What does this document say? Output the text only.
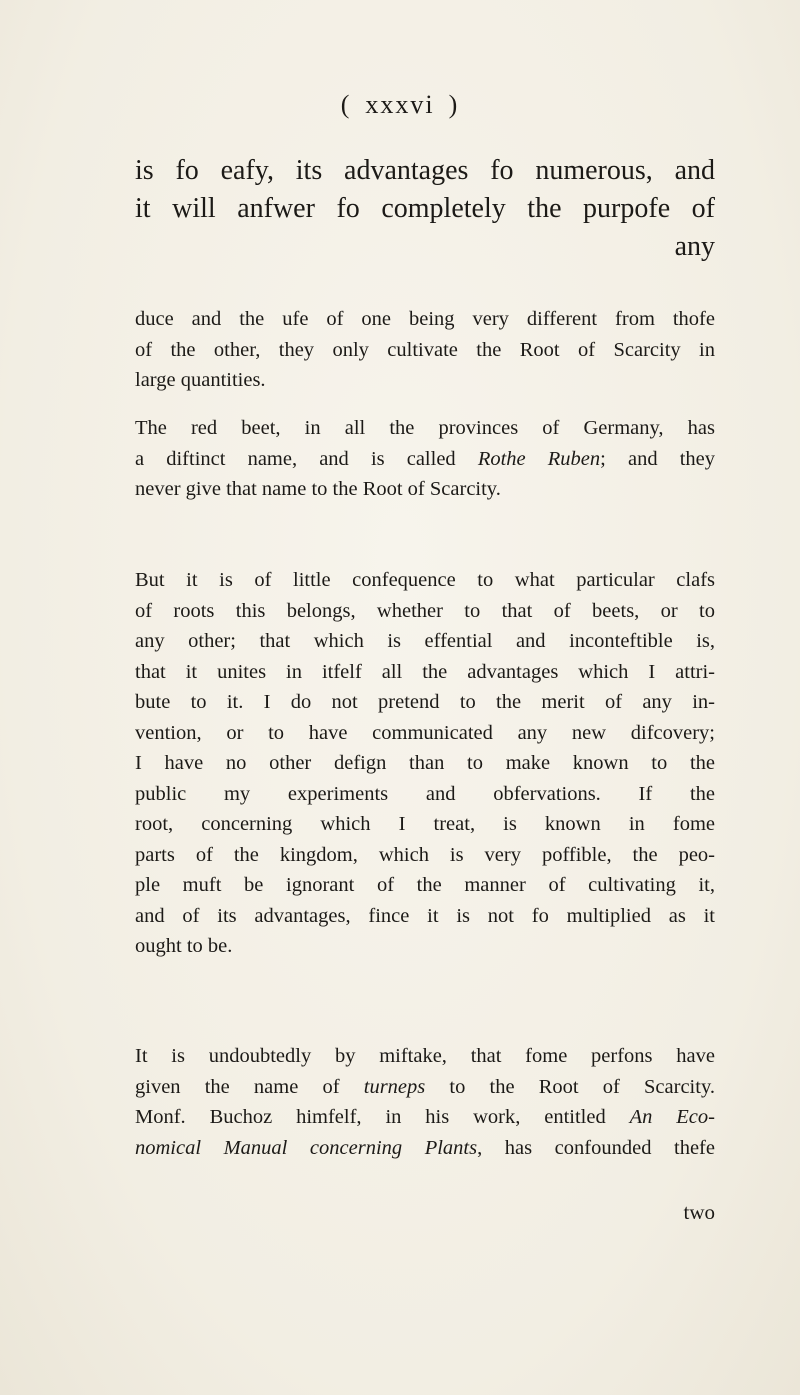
( xxxvi )
is fo eafy, its advantages fo numerous, and
it will anfwer fo completely the purpofe of
any
duce and the ufe of one being very different from thofe
of the other, they only cultivate the Root of Scarcity in
large quantities.
The red beet, in all the provinces of Germany, has
a diftinct name, and is called Rothe Ruben; and they
never give that name to the Root of Scarcity.
But it is of little confequence to what particular clafs
of roots this belongs, whether to that of beets, or to
any other; that which is effential and inconteftible is,
that it unites in itfelf all the advantages which I attri-
bute to it. I do not pretend to the merit of any in-
vention, or to have communicated any new difcovery;
I have no other defign than to make known to the
public my experiments and obfervations. If the
root, concerning which I treat, is known in fome
parts of the kingdom, which is very poffible, the peo-
ple muft be ignorant of the manner of cultivating it,
and of its advantages, fince it is not fo multiplied as it
ought to be.
It is undoubtedly by miftake, that fome perfons have
given the name of turneps to the Root of Scarcity.
Monf. Buchoz himfelf, in his work, entitled An Eco-
nomical Manual concerning Plants, has confounded thefe
two
